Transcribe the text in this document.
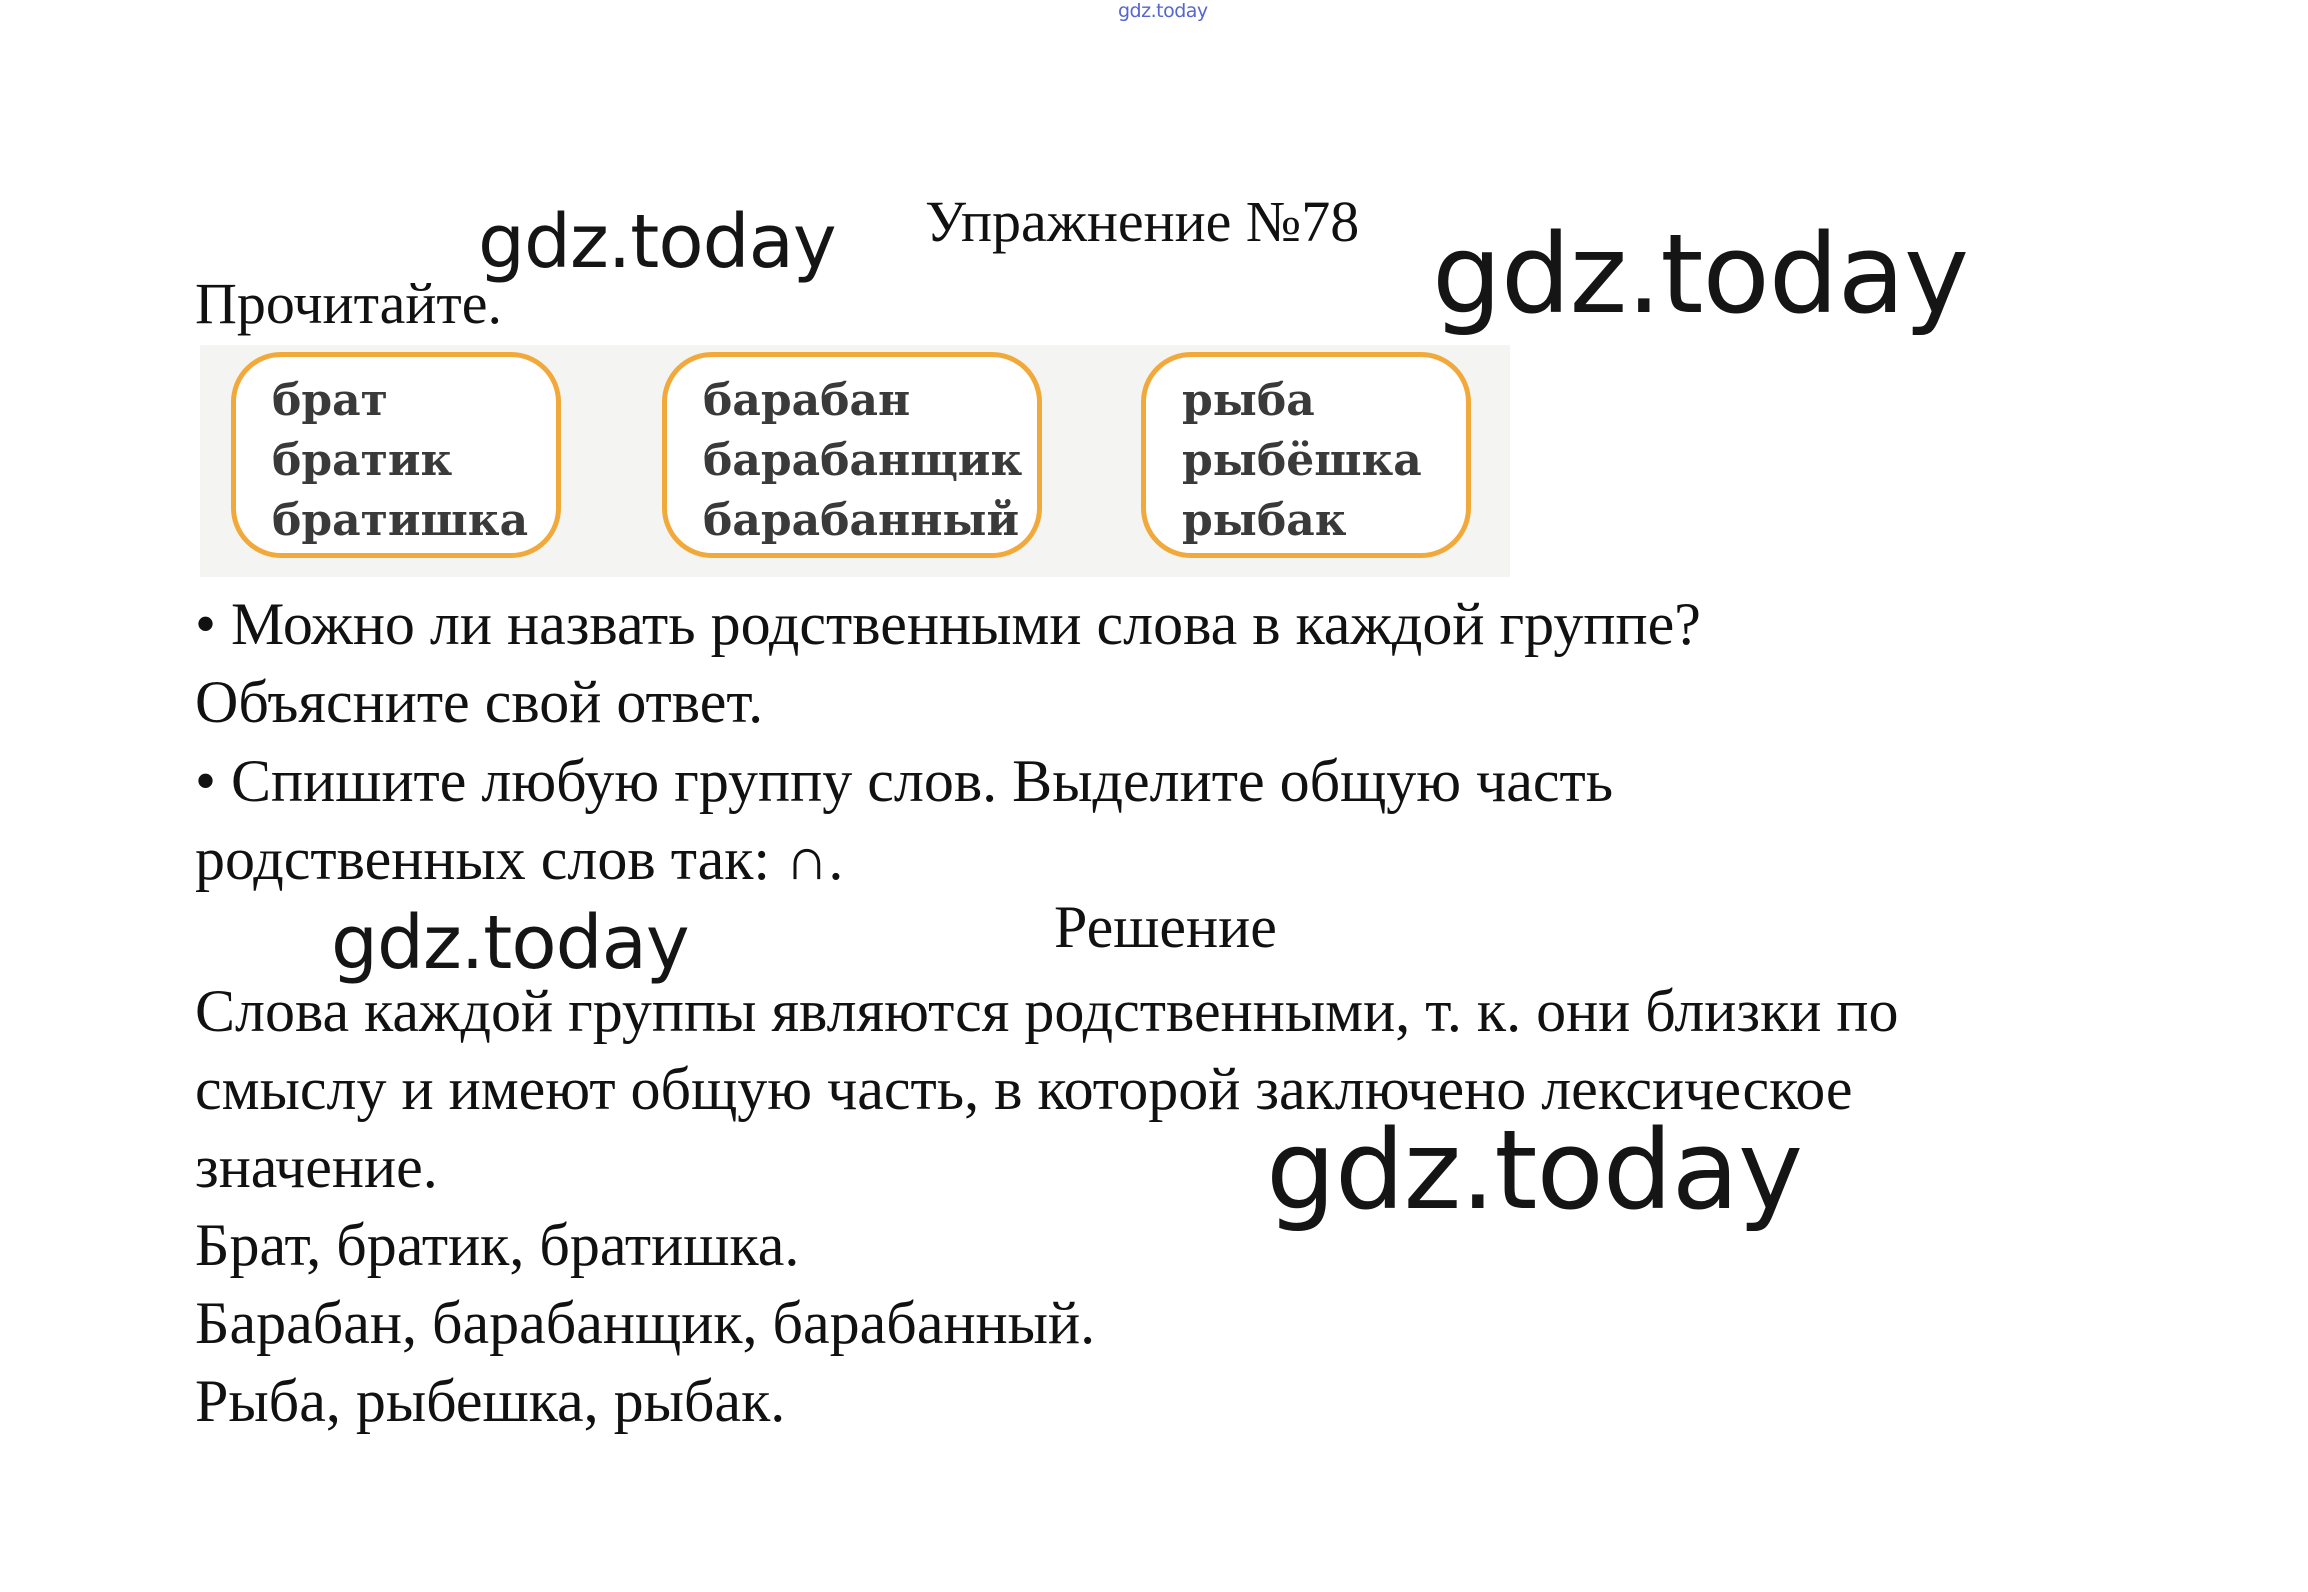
gdz.today
Упражнение №78
Прочитайте.
брат
братик
братишка
барабан
барабанщик
барабанный
рыба
рыбёшка
рыбак
• Можно ли назвать родственными слова в каждой группе?
Объясните свой ответ.
• Спишите любую группу слов. Выделите общую часть
родственных слов так: ∩.
Решение
Слова каждой группы являются родственными, т. к. они близки по
смыслу и имеют общую часть, в которой заключено лексическое
значение.
Брат, братик, братишка.
Барабан, барабанщик, барабанный.
Рыба, рыбешка, рыбак.
gdz.today	gdz.today
gdz.today
gdz.today
